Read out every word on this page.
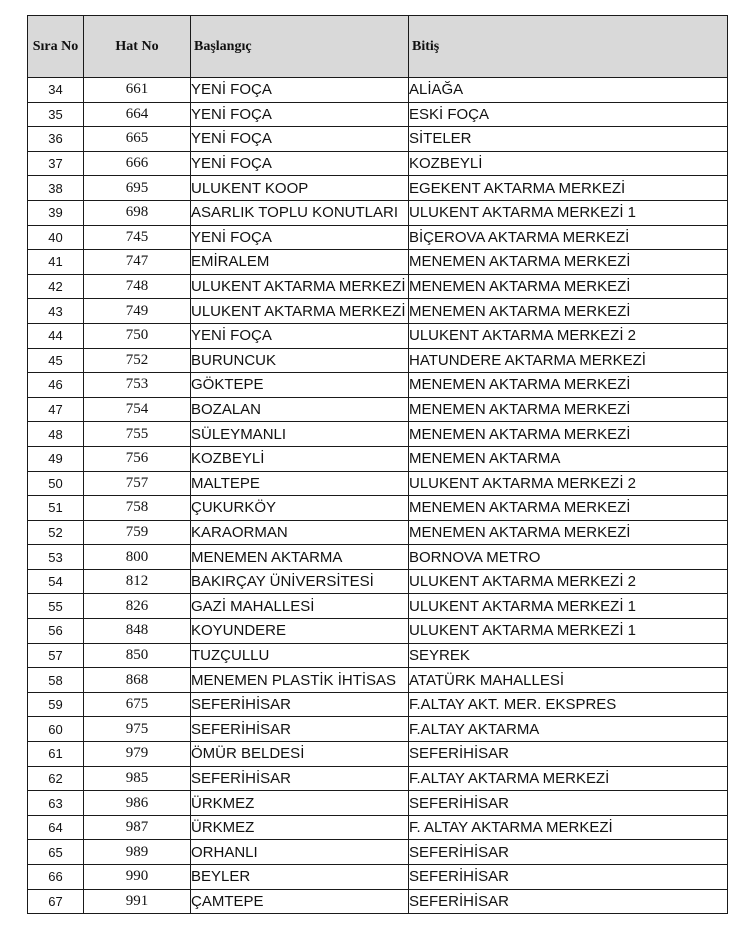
Sıra No	Hat No	Başlangıç	Bitiş
34	661	YENİ FOÇA	ALİAĞA
35	664	YENİ FOÇA	ESKİ FOÇA
36	665	YENİ FOÇA	SİTELER
37	666	YENİ FOÇA	KOZBEYLİ
38	695	ULUKENT KOOP	EGEKENT AKTARMA MERKEZİ
39	698	ASARLIK TOPLU KONUTLARI	ULUKENT AKTARMA MERKEZİ 1
40	745	YENİ FOÇA	BİÇEROVA AKTARMA MERKEZİ
41	747	EMİRALEM	MENEMEN AKTARMA MERKEZİ
42	748	ULUKENT AKTARMA MERKEZİ	MENEMEN AKTARMA MERKEZİ
43	749	ULUKENT AKTARMA MERKEZİ	MENEMEN AKTARMA MERKEZİ
44	750	YENİ FOÇA	ULUKENT AKTARMA MERKEZİ 2
45	752	BURUNCUK	HATUNDERE AKTARMA MERKEZİ
46	753	GÖKTEPE	MENEMEN AKTARMA MERKEZİ
47	754	BOZALAN	MENEMEN AKTARMA MERKEZİ
48	755	SÜLEYMANLI	MENEMEN AKTARMA MERKEZİ
49	756	KOZBEYLİ	MENEMEN AKTARMA
50	757	MALTEPE	ULUKENT AKTARMA MERKEZİ 2
51	758	ÇUKURKÖY	MENEMEN AKTARMA MERKEZİ
52	759	KARAORMAN	MENEMEN AKTARMA MERKEZİ
53	800	MENEMEN AKTARMA	BORNOVA METRO
54	812	BAKIRÇAY ÜNİVERSİTESİ	ULUKENT AKTARMA MERKEZİ 2
55	826	GAZİ MAHALLESİ	ULUKENT AKTARMA MERKEZİ 1
56	848	KOYUNDERE	ULUKENT AKTARMA MERKEZİ 1
57	850	TUZÇULLU	SEYREK
58	868	MENEMEN PLASTİK İHTİSAS	ATATÜRK MAHALLESİ
59	675	SEFERİHİSAR	F.ALTAY AKT. MER. EKSPRES
60	975	SEFERİHİSAR	F.ALTAY AKTARMA
61	979	ÖMÜR BELDESİ	SEFERİHİSAR
62	985	SEFERİHİSAR	F.ALTAY AKTARMA MERKEZİ
63	986	ÜRKMEZ	SEFERİHİSAR
64	987	ÜRKMEZ	F. ALTAY AKTARMA MERKEZİ
65	989	ORHANLI	SEFERİHİSAR
66	990	BEYLER	SEFERİHİSAR
67	991	ÇAMTEPE	SEFERİHİSAR
